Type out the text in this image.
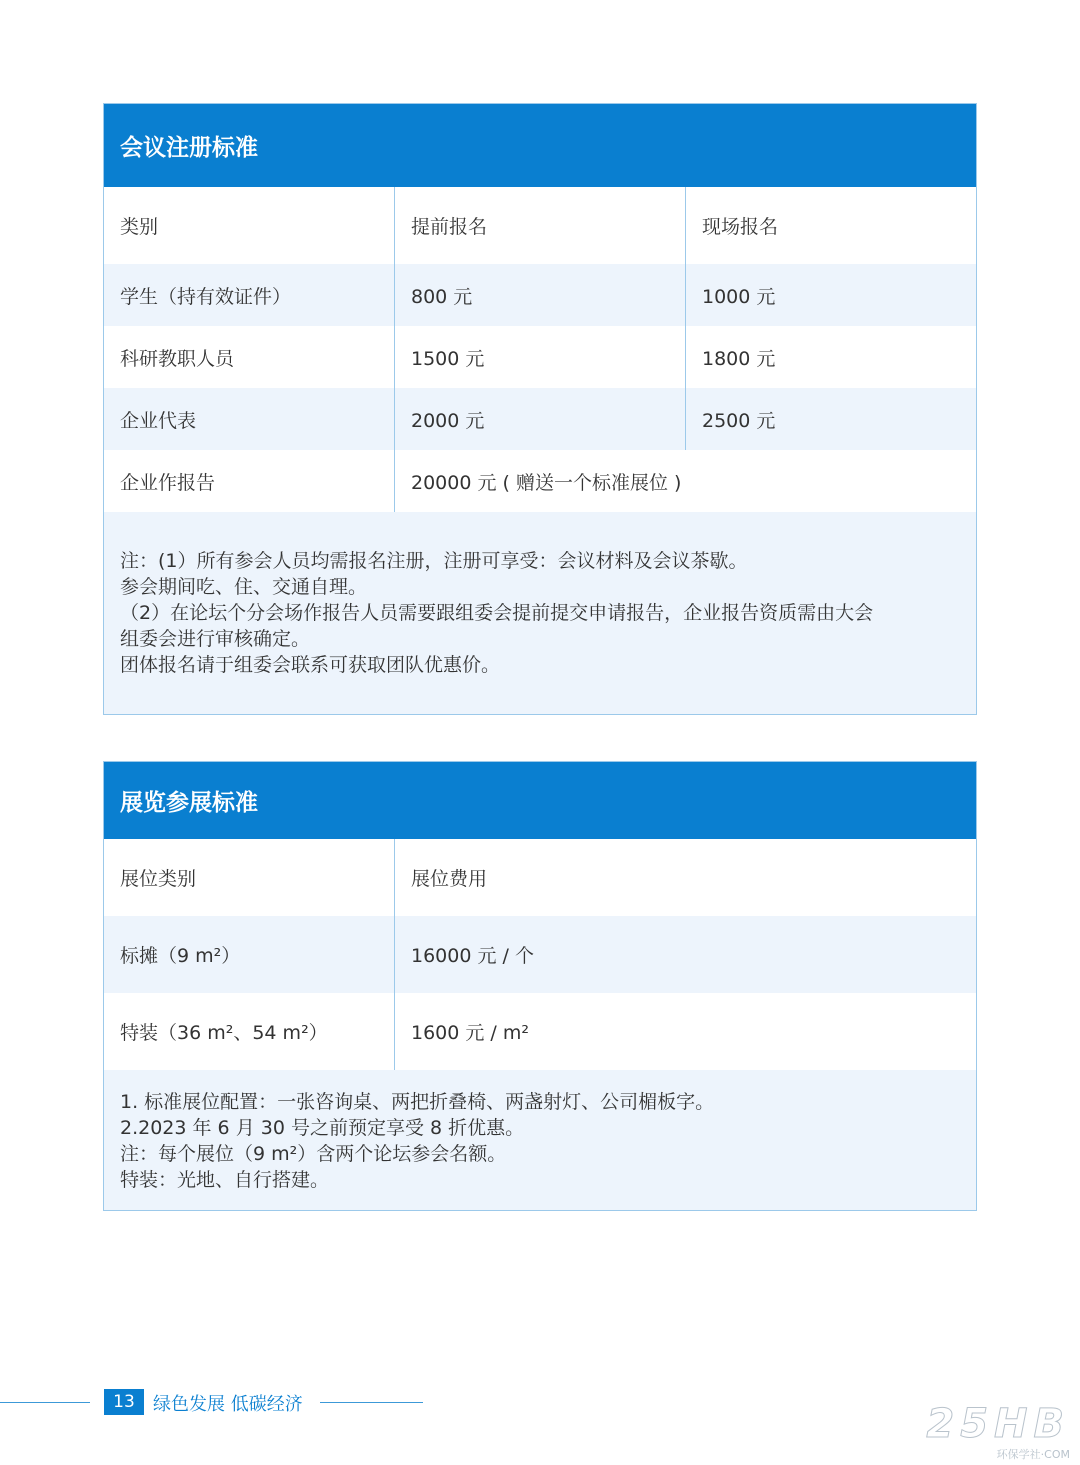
会议注册标准
类别	提前报名	现场报名
学生（持有效证件）	800 元	1000 元
科研教职人员	1500 元	1800 元
企业代表	2000 元	2500 元
企业作报告	20000 元 ( 赠送一个标准展位 )

注：(1）所有参会人员均需报名注册，注册可享受：会议材料及会议茶歇。

参会期间吃、住、交通自理。

（2）在论坛个分会场作报告人员需要跟组委会提前提交申请报告，企业报告资质需由大会

组委会进行审核确定。

团体报名请于组委会联系可获取团队优惠价。

展览参展标准
展位类别	展位费用
标摊（9 m²）	16000 元 / 个
特装（36 m²、54 m²）	1600 元 / m²

1. 标准展位配置：一张咨询桌、两把折叠椅、两盏射灯、公司楣板字。

2.2023 年 6 月 30 号之前预定享受 8 折优惠。

注：每个展位（9 m²）含两个论坛参会名额。

特装：光地、自行搭建。

13	绿色发展 低碳经济	25HB
环保学社·COM
